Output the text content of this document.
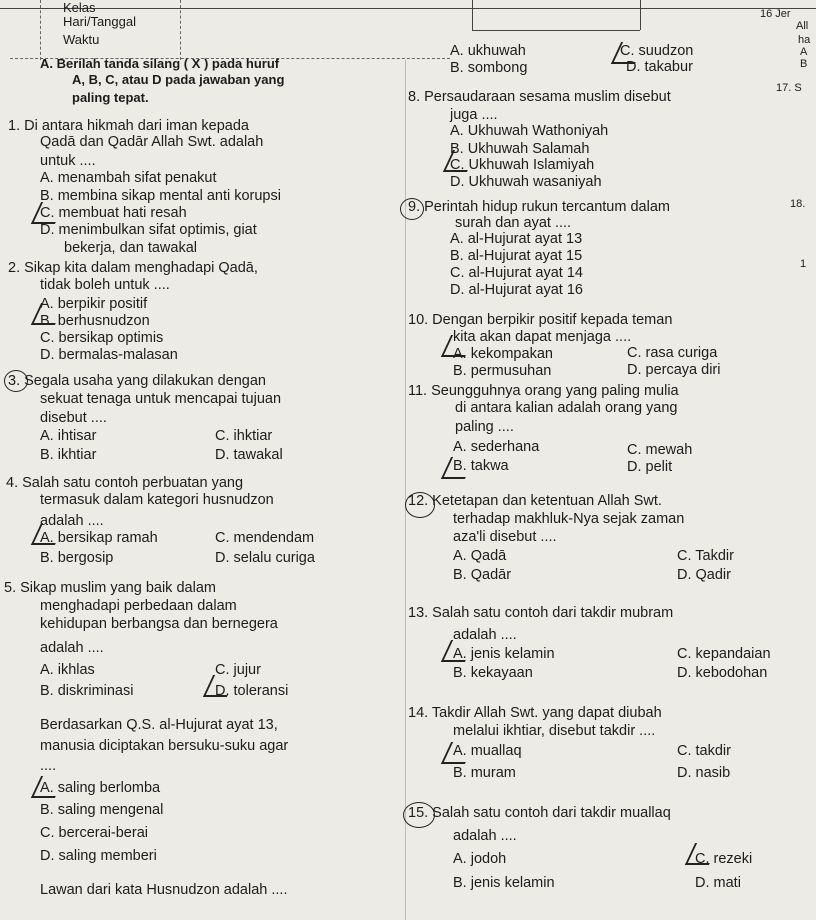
Kelas
Hari/Tanggal
Waktu
16 Jer
All
ha
A
B
17. S
18.
1
A. Berilah tanda silang ( X ) pada huruf
A, B, C, atau D pada jawaban yang
paling tepat.
1. Di antara hikmah dari iman kepada
Qadā dan Qadār Allah Swt. adalah
untuk ....
A. menambah sifat penakut
B. membina sikap mental anti korupsi
C. membuat hati resah
D. menimbulkan sifat optimis, giat
bekerja, dan tawakal
2. Sikap kita dalam menghadapi Qadā,
tidak boleh untuk ....
A. berpikir positif
B. berhusnudzon
C. bersikap optimis
D. bermalas-malasan
3. Segala usaha yang dilakukan dengan
sekuat tenaga untuk mencapai tujuan
disebut ....
A. ihtisar	C. ihktiar
B. ikhtiar	D. tawakal
4. Salah satu contoh perbuatan yang
termasuk dalam kategori husnudzon
adalah ....
A. bersikap ramah	C. mendendam
B. bergosip	D. selalu curiga
5. Sikap muslim yang baik dalam
menghadapi perbedaan dalam
kehidupan berbangsa dan bernegera
adalah ....
A. ikhlas	C. jujur
B. diskriminasi	D. toleransi
Berdasarkan Q.S. al-Hujurat ayat 13,
manusia diciptakan bersuku-suku agar
....
A. saling berlomba
B. saling mengenal
C. bercerai-berai
D. saling memberi
Lawan dari kata Husnudzon adalah ....
A. ukhuwah	C. suudzon
B. sombong	D. takabur
8. Persaudaraan sesama muslim disebut
juga ....
A. Ukhuwah Wathoniyah
B. Ukhuwah Salamah
C. Ukhuwah Islamiyah
D. Ukhuwah wasaniyah
9. Perintah hidup rukun tercantum dalam
surah dan ayat ....
A. al-Hujurat ayat 13
B. al-Hujurat ayat 15
C. al-Hujurat ayat 14
D. al-Hujurat ayat 16
10. Dengan berpikir positif kepada teman
kita akan dapat menjaga ....
A. kekompakan	C. rasa curiga
B. permusuhan	D. percaya diri
11. Seungguhnya orang yang paling mulia
di antara kalian adalah orang yang
paling ....
A. sederhana	C. mewah
B. takwa	D. pelit
12. Ketetapan dan ketentuan Allah Swt.
terhadap makhluk-Nya sejak zaman
aza'li disebut ....
A. Qadā	C. Takdir
B. Qadār	D. Qadir
13. Salah satu contoh dari takdir mubram
adalah ....
A. jenis kelamin	C. kepandaian
B. kekayaan	D. kebodohan
14. Takdir Allah Swt. yang dapat diubah
melalui ikhtiar, disebut takdir ....
A. muallaq	C. takdir
B. muram	D. nasib
15. Salah satu contoh dari takdir muallaq
adalah ....
A. jodoh	C. rezeki
B. jenis kelamin	D. mati
